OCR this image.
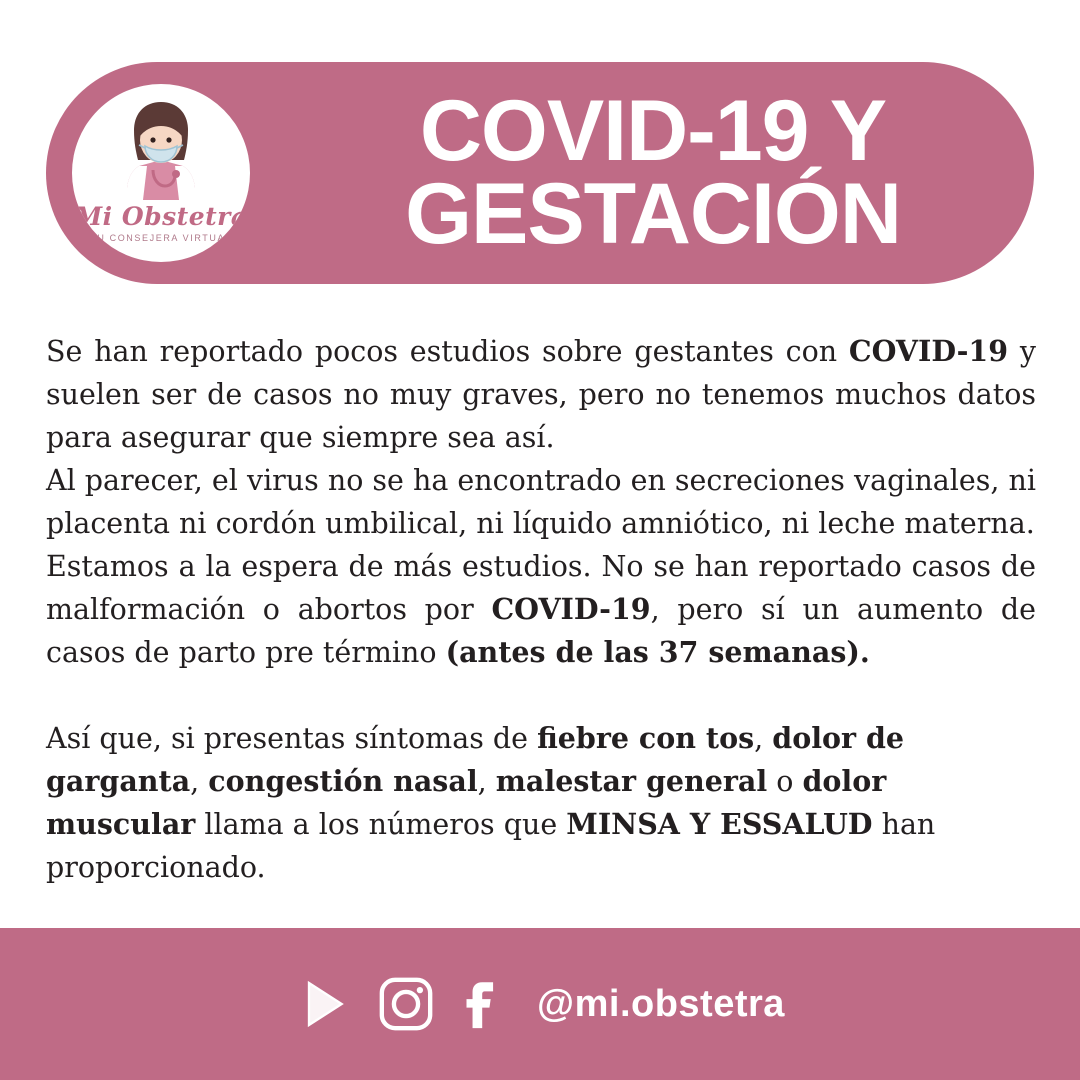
Mi Obstetra
TU CONSEJERA VIRTUAL
COVID-19 Y
GESTACIÓN

Se han reportado pocos estudios sobre gestantes con COVID-19 y suelen ser de casos no muy graves, pero no tenemos muchos datos para asegurar que siempre sea así.

Al parecer, el virus no se ha encontrado en secreciones vaginales, ni placenta ni cordón umbilical, ni líquido amniótico, ni leche materna.

Estamos a la espera de más estudios. No se han reportado casos de malformación o abortos por COVID-19, pero sí un aumento de casos de parto pre término (antes de las 37 semanas).

Así que, si presentas síntomas de fiebre con tos, dolor de garganta, congestión nasal, malestar general o dolor muscular llama a los números que MINSA Y ESSALUD han proporcionado.

@mi.obstetra
